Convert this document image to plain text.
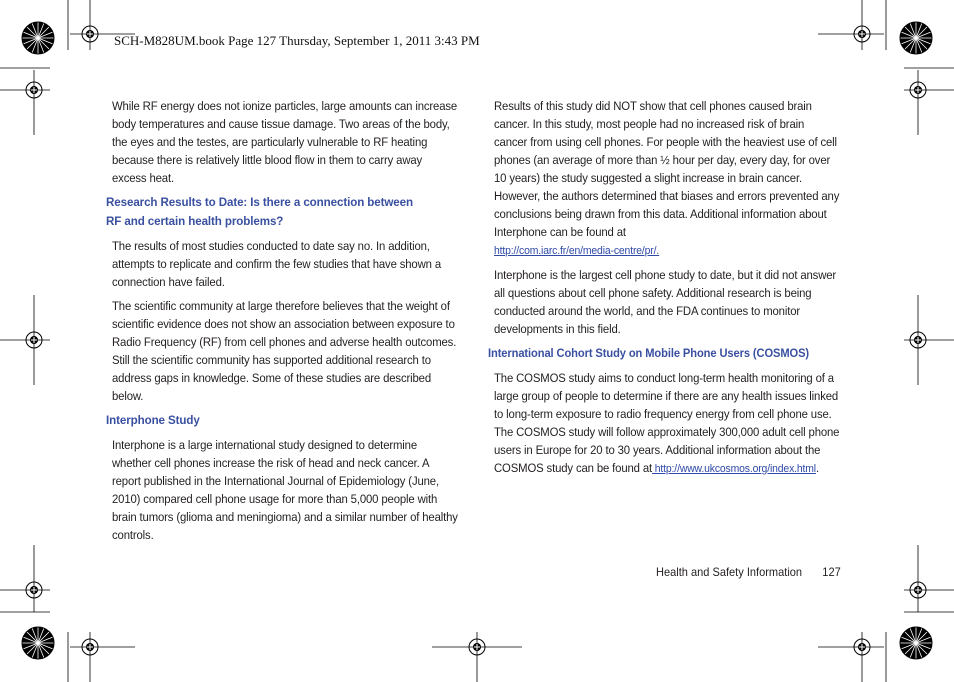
SCH-M828UM.book Page 127 Thursday, September 1, 2011 3:43 PM

While RF energy does not ionize particles, large amounts can increase body temperatures and cause tissue damage. Two areas of the body, the eyes and the testes, are particularly vulnerable to RF heating because there is relatively little blood flow in them to carry away excess heat.

Research Results to Date: Is there a connection between
RF and certain health problems?

The results of most studies conducted to date say no. In addition, attempts to replicate and confirm the few studies that have shown a connection have failed.

The scientific community at large therefore believes that the weight of scientific evidence does not show an association between exposure to Radio Frequency (RF) from cell phones and adverse health outcomes. Still the scientific community has supported additional research to address gaps in knowledge. Some of these studies are described below.

Interphone Study

Interphone is a large international study designed to determine whether cell phones increase the risk of head and neck cancer. A report published in the International Journal of Epidemiology (June, 2010) compared cell phone usage for more than 5,000 people with brain tumors (glioma and meningioma) and a similar number of healthy controls.

Results of this study did NOT show that cell phones caused brain cancer. In this study, most people had no increased risk of brain cancer from using cell phones. For people with the heaviest use of cell phones (an average of more than ½ hour per day, every day, for over 10 years) the study suggested a slight increase in brain cancer. However, the authors determined that biases and errors prevented any conclusions being drawn from this data. Additional information about Interphone can be found at
http://com.iarc.fr/en/media-centre/pr/.

Interphone is the largest cell phone study to date, but it did not answer all questions about cell phone safety. Additional research is being conducted around the world, and the FDA continues to monitor developments in this field.

International Cohort Study on Mobile Phone Users (COSMOS)

The COSMOS study aims to conduct long-term health monitoring of a large group of people to determine if there are any health issues linked to long-term exposure to radio frequency energy from cell phone use. The COSMOS study will follow approximately 300,000 adult cell phone users in Europe for 20 to 30 years. Additional information about the COSMOS study can be found at http://www.ukcosmos.org/index.html.

Health and Safety Information 127
